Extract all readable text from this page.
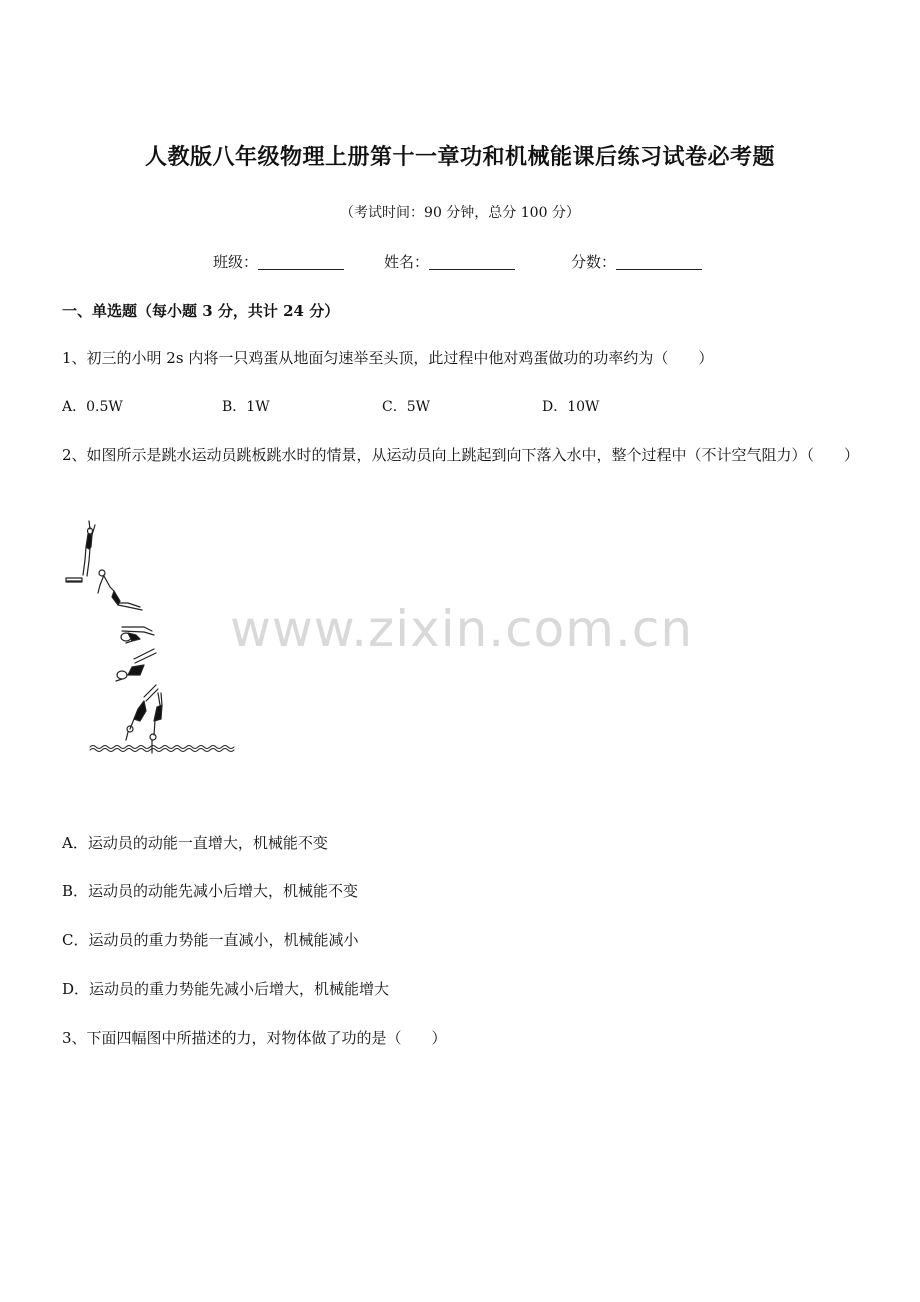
人教版八年级物理上册第十一章功和机械能课后练习试卷必考题
（考试时间：90 分钟，总分 100 分）
班级：	姓名：	分数：
一、单选题（每小题 3 分，共计 24 分）
1、初三的小明 2s 内将一只鸡蛋从地面匀速举至头顶，此过程中他对鸡蛋做功的功率约为（　　）
A．0.5W	B．1W	C．5W	D．10W
2、如图所示是跳水运动员跳板跳水时的情景，从运动员向上跳起到向下落入水中，整个过程中（不计空气阻力）（　　）
www.zixin.com.cn
A．运动员的动能一直增大，机械能不变
B．运动员的动能先减小后增大，机械能不变
C．运动员的重力势能一直减小，机械能减小
D．运动员的重力势能先减小后增大，机械能增大
3、下面四幅图中所描述的力，对物体做了功的是（　　）
